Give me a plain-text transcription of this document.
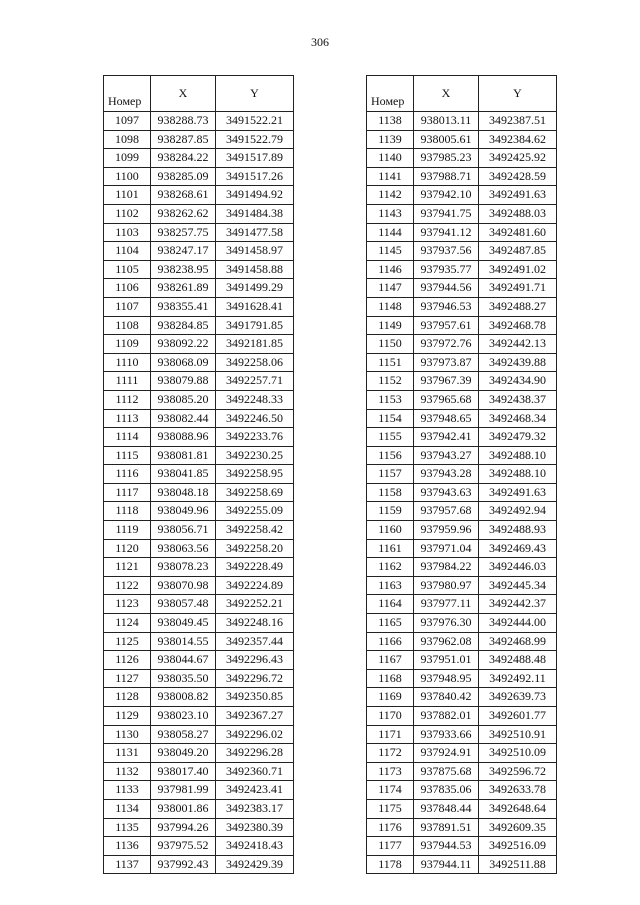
306
Номер	X	Y
1097	938288.73	3491522.21
1098	938287.85	3491522.79
1099	938284.22	3491517.89
1100	938285.09	3491517.26
1101	938268.61	3491494.92
1102	938262.62	3491484.38
1103	938257.75	3491477.58
1104	938247.17	3491458.97
1105	938238.95	3491458.88
1106	938261.89	3491499.29
1107	938355.41	3491628.41
1108	938284.85	3491791.85
1109	938092.22	3492181.85
1110	938068.09	3492258.06
1111	938079.88	3492257.71
1112	938085.20	3492248.33
1113	938082.44	3492246.50
1114	938088.96	3492233.76
1115	938081.81	3492230.25
1116	938041.85	3492258.95
1117	938048.18	3492258.69
1118	938049.96	3492255.09
1119	938056.71	3492258.42
1120	938063.56	3492258.20
1121	938078.23	3492228.49
1122	938070.98	3492224.89
1123	938057.48	3492252.21
1124	938049.45	3492248.16
1125	938014.55	3492357.44
1126	938044.67	3492296.43
1127	938035.50	3492296.72
1128	938008.82	3492350.85
1129	938023.10	3492367.27
1130	938058.27	3492296.02
1131	938049.20	3492296.28
1132	938017.40	3492360.71
1133	937981.99	3492423.41
1134	938001.86	3492383.17
1135	937994.26	3492380.39
1136	937975.52	3492418.43
1137	937992.43	3492429.39
Номер	X	Y
1138	938013.11	3492387.51
1139	938005.61	3492384.62
1140	937985.23	3492425.92
1141	937988.71	3492428.59
1142	937942.10	3492491.63
1143	937941.75	3492488.03
1144	937941.12	3492481.60
1145	937937.56	3492487.85
1146	937935.77	3492491.02
1147	937944.56	3492491.71
1148	937946.53	3492488.27
1149	937957.61	3492468.78
1150	937972.76	3492442.13
1151	937973.87	3492439.88
1152	937967.39	3492434.90
1153	937965.68	3492438.37
1154	937948.65	3492468.34
1155	937942.41	3492479.32
1156	937943.27	3492488.10
1157	937943.28	3492488.10
1158	937943.63	3492491.63
1159	937957.68	3492492.94
1160	937959.96	3492488.93
1161	937971.04	3492469.43
1162	937984.22	3492446.03
1163	937980.97	3492445.34
1164	937977.11	3492442.37
1165	937976.30	3492444.00
1166	937962.08	3492468.99
1167	937951.01	3492488.48
1168	937948.95	3492492.11
1169	937840.42	3492639.73
1170	937882.01	3492601.77
1171	937933.66	3492510.91
1172	937924.91	3492510.09
1173	937875.68	3492596.72
1174	937835.06	3492633.78
1175	937848.44	3492648.64
1176	937891.51	3492609.35
1177	937944.53	3492516.09
1178	937944.11	3492511.88
